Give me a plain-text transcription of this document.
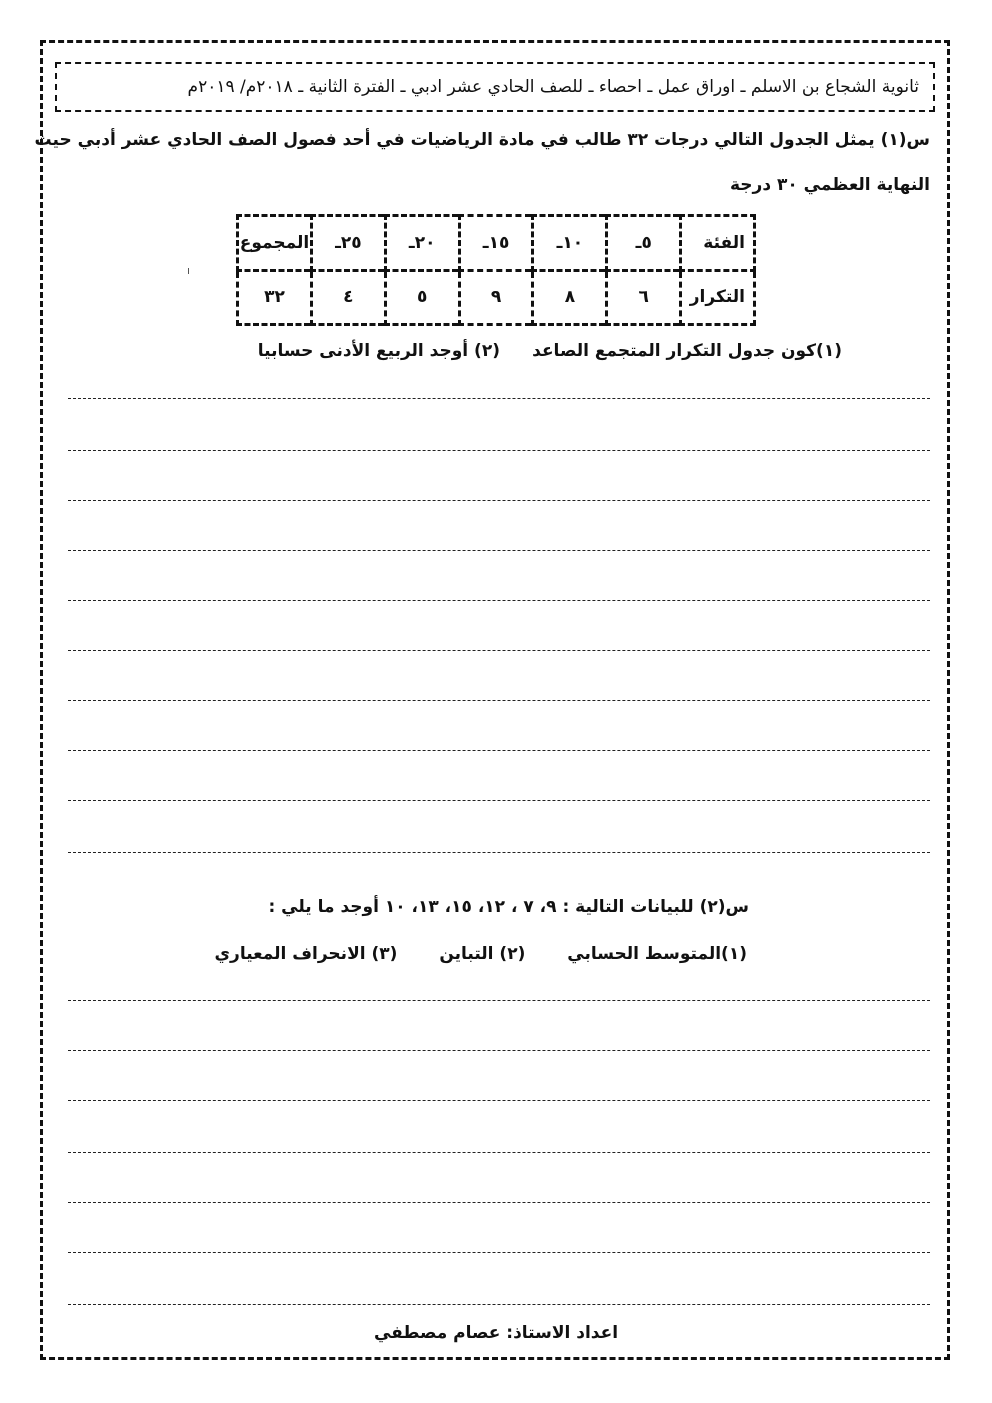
ثانوية الشجاع بن الاسلم ـ اوراق عمل ـ احصاء ـ للصف الحادي عشر ادبي ـ الفترة الثانية ـ ٢٠١٨م/ ٢٠١٩م
س(١) يمثل الجدول التالي درجات ٣٢ طالب في مادة الرياضيات في أحد فصول الصف الحادي عشر أدبي حيث
النهاية العظمي ٣٠ درجة
الفئة	٥ـ	١٠ـ	١٥ـ	٢٠ـ	٢٥ـ	المجموع
التكرار	٦	٨	٩	٥	٤	٣٢
(١)كون جدول التكرار المتجمع الصاعد
(٢) أوجد الربيع الأدنى حسابيا
س(٢) للبيانات التالية : ٩، ٧ ، ١٢، ١٥، ١٣، ١٠ أوجد ما يلي :
(١)المتوسط الحسابي (٢) التباين (٣) الانحراف المعياري
اعداد الاستاذ: عصام مصطفي
